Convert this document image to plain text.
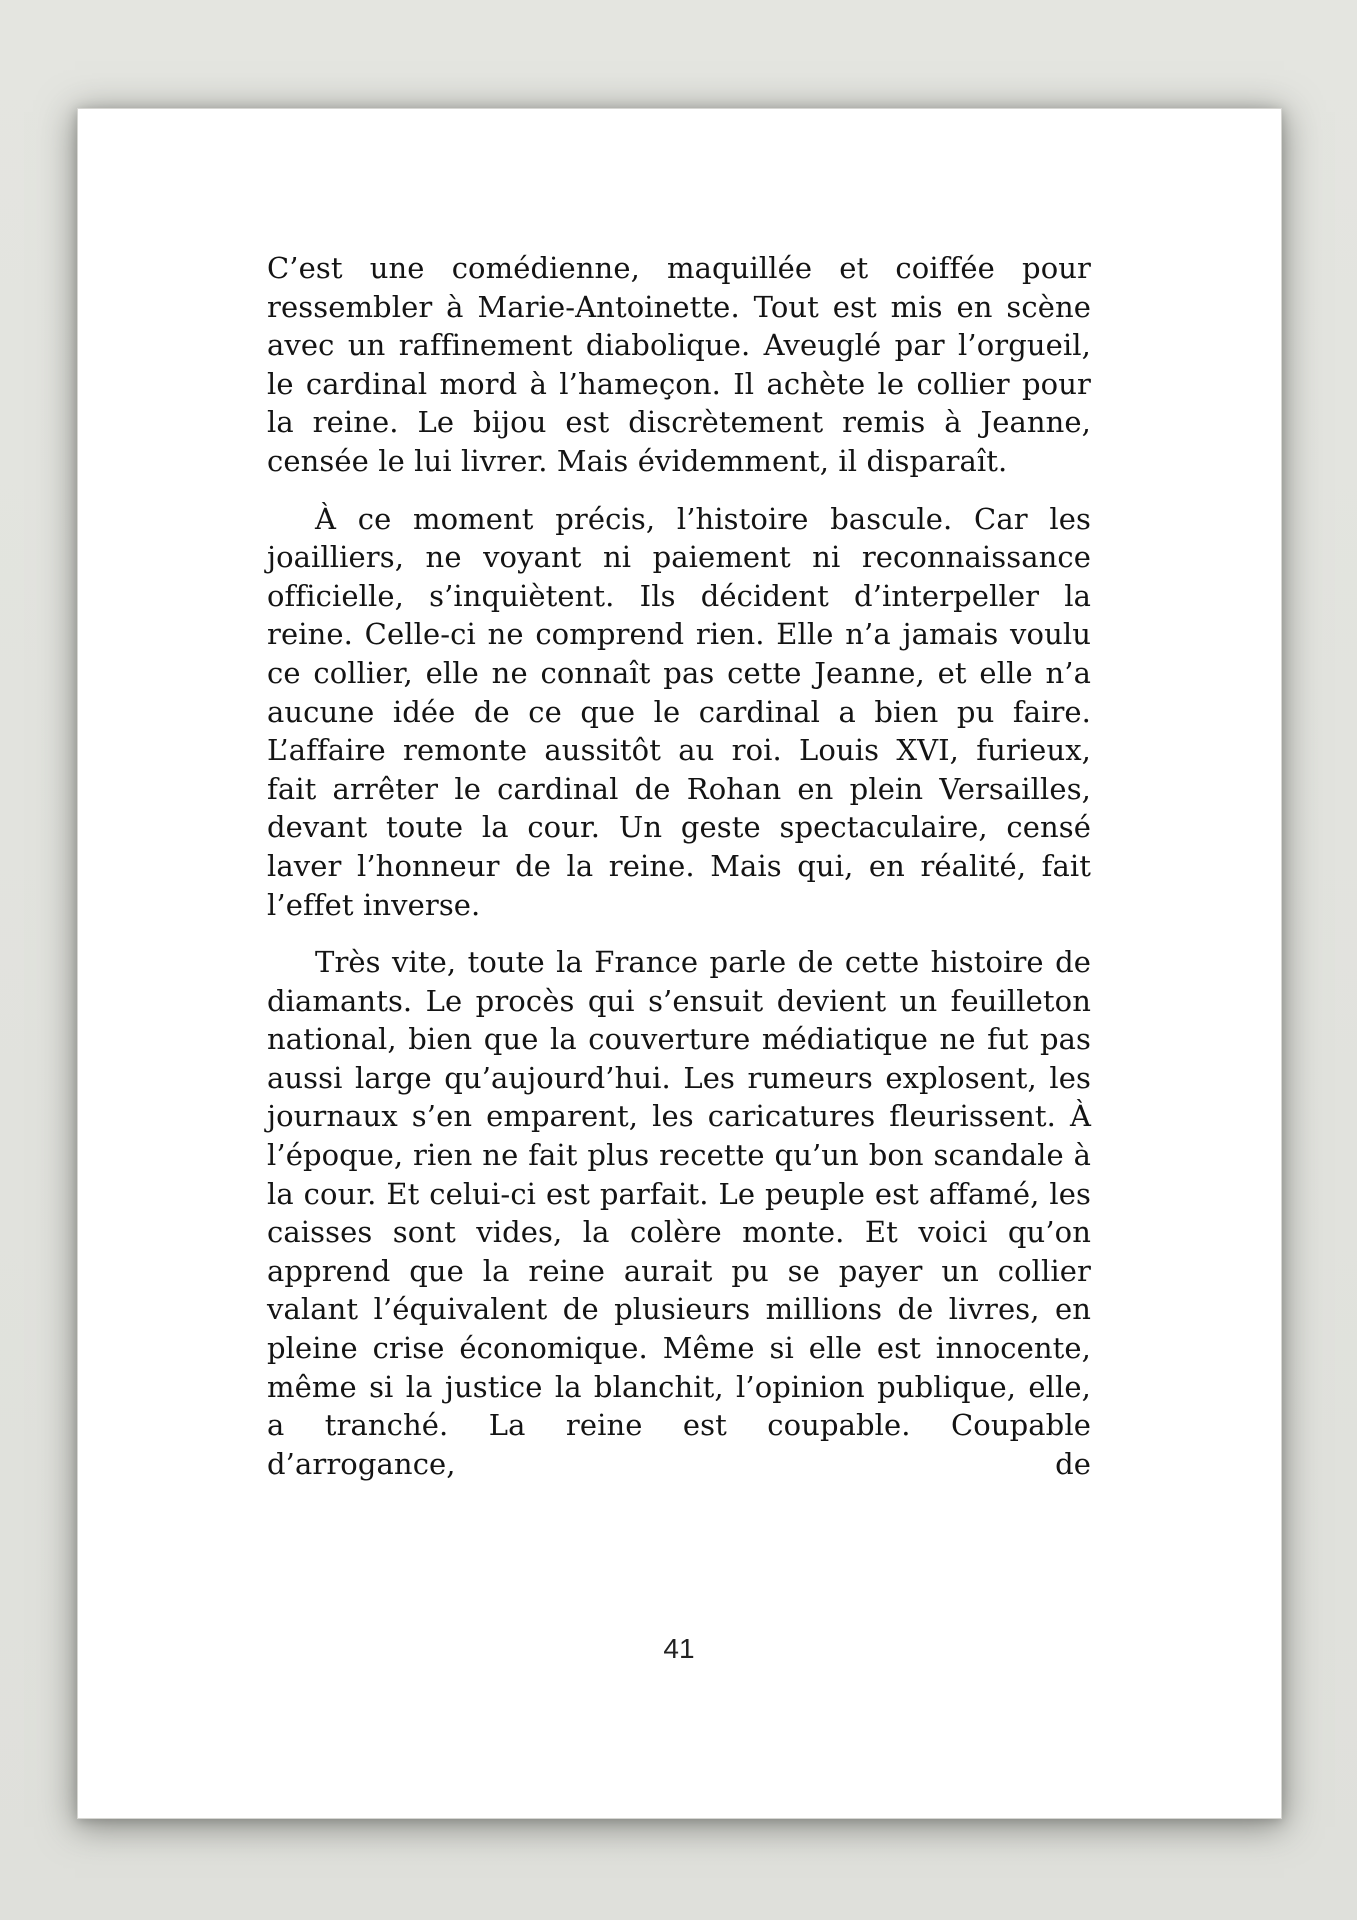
C’est une comédienne, maquillée et coiffée pour ressembler à Marie-Antoinette. Tout est mis en scène avec un raffinement diabolique. Aveuglé par l’orgueil, le cardinal mord à l’hameçon. Il achète le collier pour la reine. Le bijou est discrètement remis à Jeanne, censée le lui livrer. Mais évidemment, il disparaît.

À ce moment précis, l’histoire bascule. Car les joailliers, ne voyant ni paiement ni reconnaissance officielle, s’inquiètent. Ils décident d’interpeller la reine. Celle-ci ne comprend rien. Elle n’a jamais voulu ce collier, elle ne connaît pas cette Jeanne, et elle n’a aucune idée de ce que le cardinal a bien pu faire. L’affaire remonte aussitôt au roi. Louis XVI, furieux, fait arrêter le cardinal de Rohan en plein Versailles, devant toute la cour. Un geste spectaculaire, censé laver l’honneur de la reine. Mais qui, en réalité, fait l’effet inverse.

Très vite, toute la France parle de cette histoire de diamants. Le procès qui s’ensuit devient un feuilleton national, bien que la couverture médiatique ne fut pas aussi large qu’aujourd’hui. Les rumeurs explosent, les journaux s’en emparent, les caricatures fleurissent. À l’époque, rien ne fait plus recette qu’un bon scandale à la cour. Et celui-ci est parfait. Le peuple est affamé, les caisses sont vides, la colère monte. Et voici qu’on apprend que la reine aurait pu se payer un collier valant l’équivalent de plusieurs millions de livres, en pleine crise économique. Même si elle est innocente, même si la justice la blanchit, l’opinion publique, elle, a tranché. La reine est coupable. Coupable d’arrogance, de

41
